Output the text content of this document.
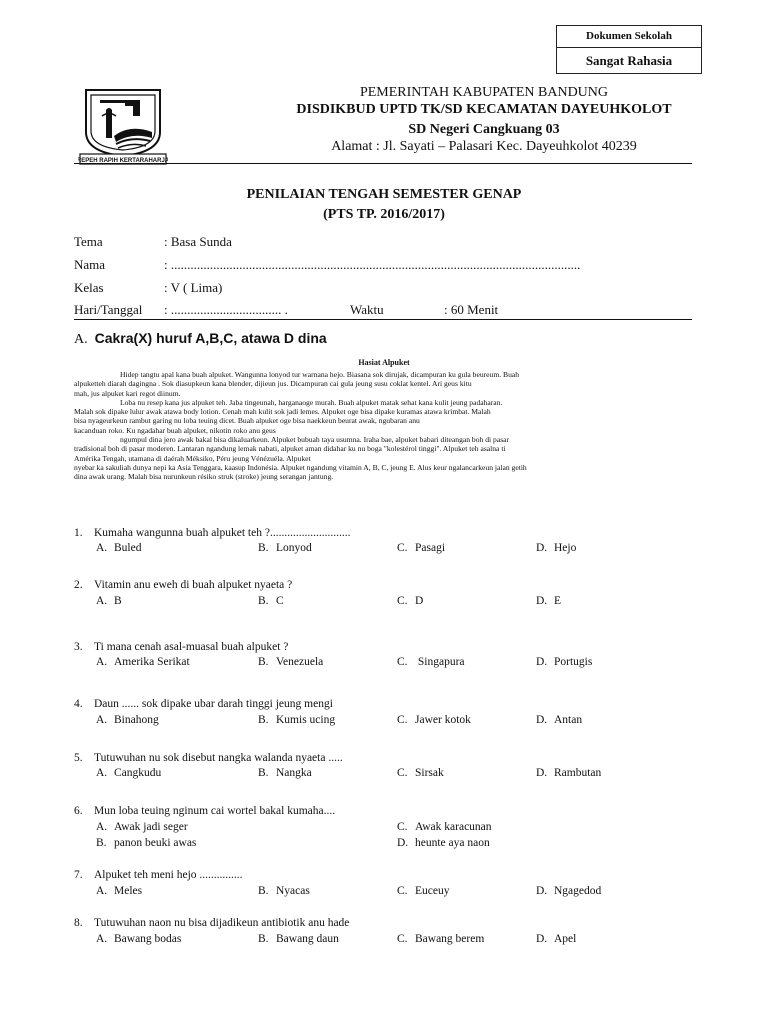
Dokumen Sekolah
Sangat Rahasia
REPEH RAPIH KERTARAHARJA
PEMERINTAH KABUPATEN BANDUNG
DISDIKBUD UPTD TK/SD KECAMATAN DAYEUHKOLOT
SD Negeri Cangkuang 03
Alamat : Jl. Sayati – Palasari Kec. Dayeuhkolot 40239
PENILAIAN TENGAH SEMESTER GENAP
(PTS TP. 2016/2017)
Tema	: Basa Sunda
Nama	: ..............................................................................................................................
Kelas	: V ( Lima)
Hari/Tanggal : .................................. .	Waktu	: 60 Menit
A. Cakra(X) huruf A,B,C, atawa D dina
Hasiat Alpuket

Hidep tangtu apal kana buah alpuket. Wangunna lonyod tur warnana hejo. Biasana sok dirujak, dicampuran ku gula beureum. Buah

alpuketteh diarah dagingna . Sok diasupkeun kana blender, dijieun jus. Dicampuran cai gula jeung susu coklat kentel. Ari geus kitu

mah, jus alpuket kari regot diinum.

Loba nu resep kana jus alpuket teh. Jaba tingeunah, harganaoge murah. Buah alpuket matak sehat kana kulit jeung padaharan.

Malah sok dipake lulur awak atawa body lotion. Cenah mah kulit sok jadi lemes. Alpuket oge bisa dipake kuramas atawa krimbat. Malah

bisa nyageurkeun rambut garing nu loba teuing dicet. Buah alpuket oge bisa naekkeun beurat awak, ngubaran anu

kacanduan roko. Ku ngadahar buah alpuket, nikotin roko anu geus

ngumpul dina jero awak bakal bisa dikaluarkeun. Alpuket bubuah taya usumna. Iraha bae, alpuket babari diteangan boh di pasar

tradisional boh di pasar moderen. Lantaran ngandung lemak nabati, alpuket aman didahar ku nu boga "kolestérol tinggi". Alpuket teh asalna ti

Amérika Tengah, utamana di daérah Méksiko, Péru jeung Vénézuéla. Alpuket

nyebar ka sakuliah dunya nepi ka Asia Tenggara, kaasup Indonésia. Alpuket ngandung vitamin A, B, C, jeung E. Alus keur ngalancarkeun jalan getih

dina awak urang. Malah bisa nurunkeun résiko struk (stroke) jeung serangan jantung.

1. Kumaha wangunna buah alpuket teh ?............................
A. Buled	B. Lonyod	C. Pasagi	D. Hejo
2. Vitamin anu eweh di buah alpuket nyaeta ?
A. B	B. C	C. D	D. E
3. Ti mana cenah asal-muasal buah alpuket ?
A. Amerika Serikat	B. Venezuela	C. Singapura	D. Portugis
4. Daun ...... sok dipake ubar darah tinggi jeung mengi
A. Binahong	B. Kumis ucing	C. Jawer kotok	D. Antan
5. Tutuwuhan nu sok disebut nangka walanda nyaeta .....
A. Cangkudu	B. Nangka	C. Sirsak	D. Rambutan
6. Mun loba teuing nginum cai wortel bakal kumaha....
A. Awak jadi seger
B. panon beuki awas
C. Awak karacunan
D. heunte aya naon
7. Alpuket teh meni hejo ...............
A. Meles	B. Nyacas	C. Euceuy	D. Ngagedod
8. Tutuwuhan naon nu bisa dijadikeun antibiotik anu hade
A. Bawang bodas	B. Bawang daun	C. Bawang berem	D. Apel
